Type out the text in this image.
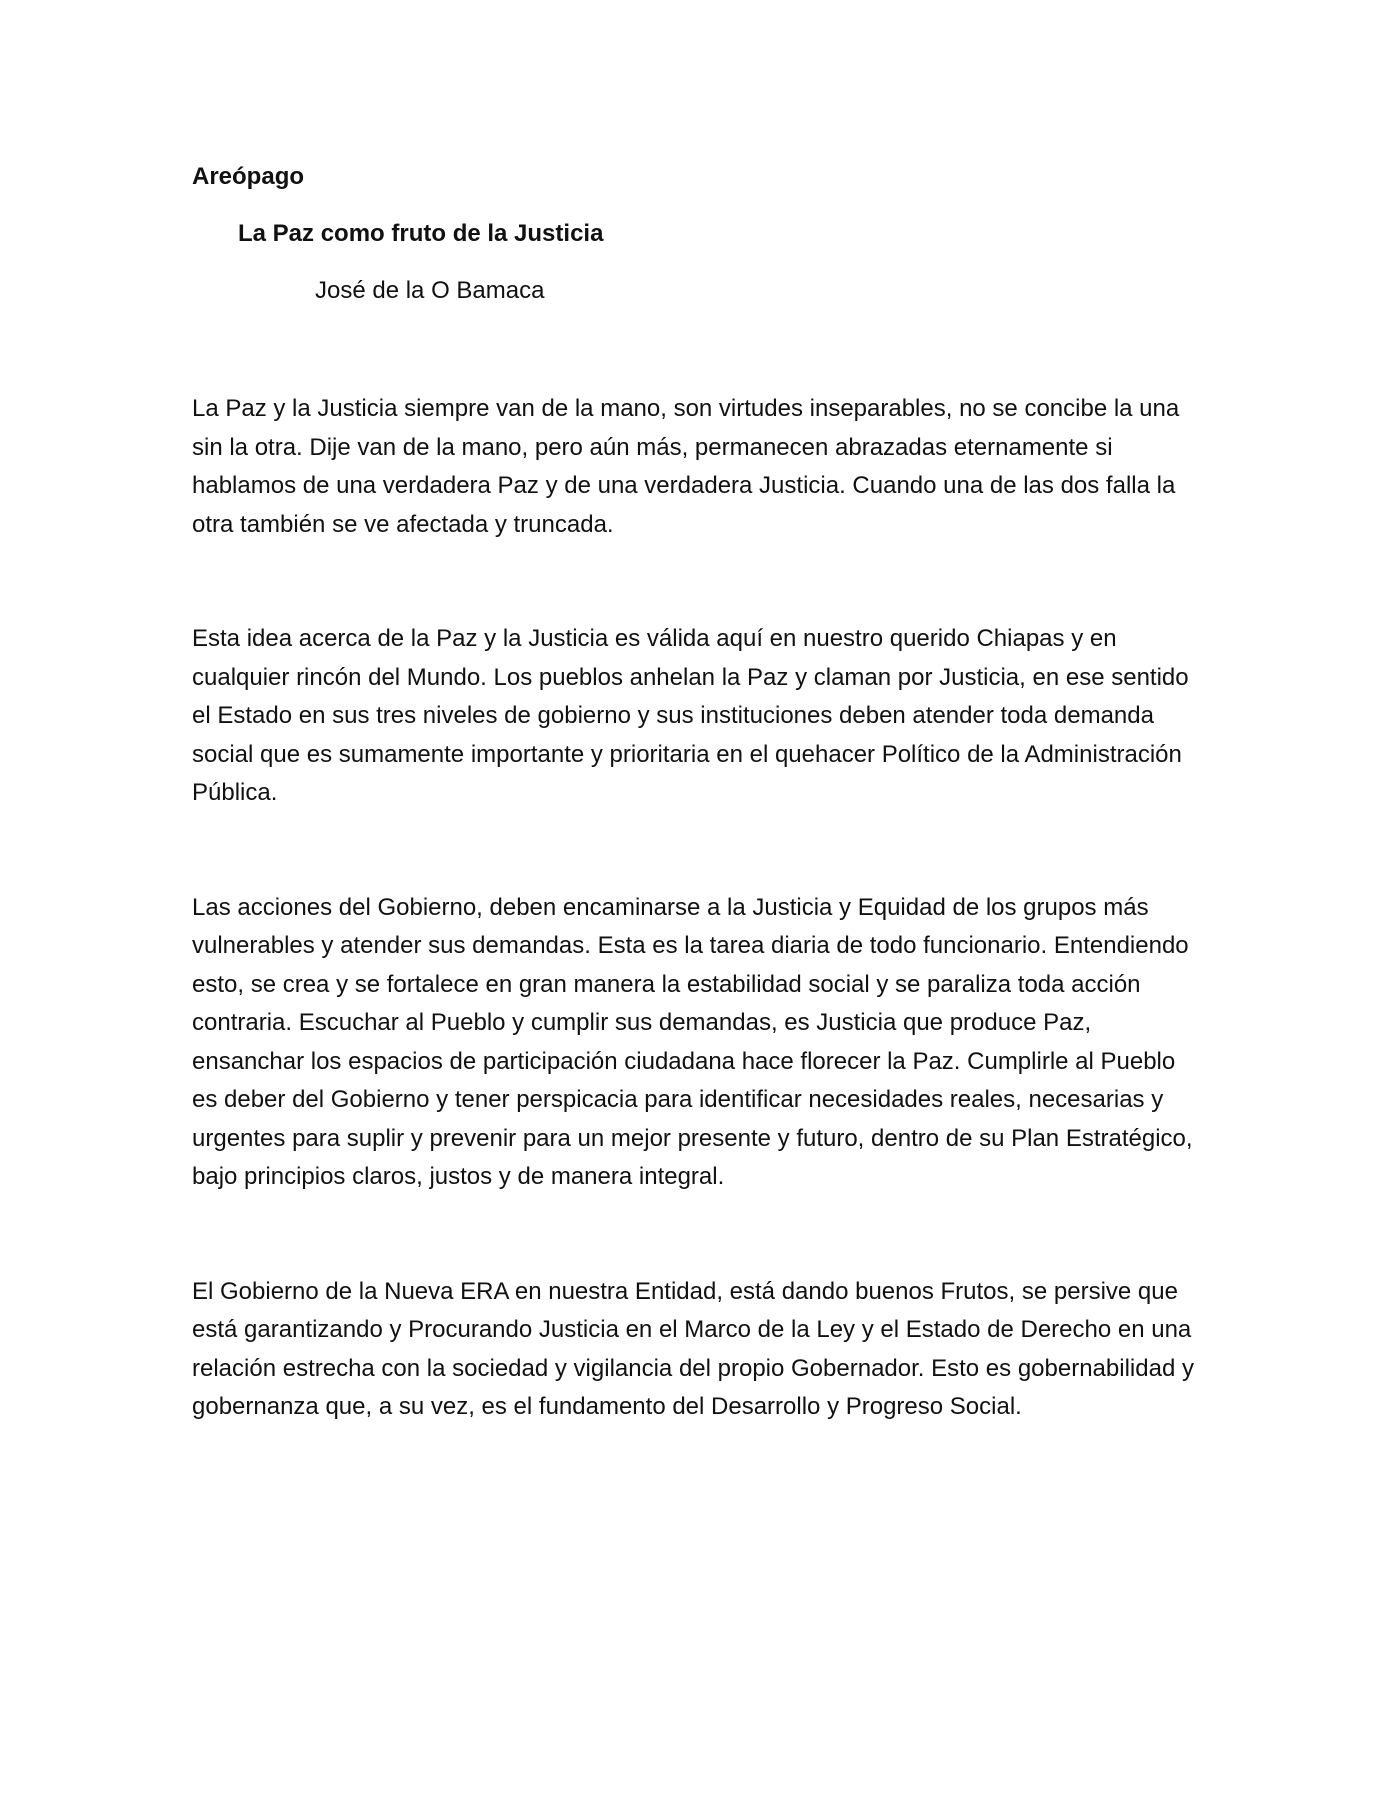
Areópago
La Paz como fruto de la Justicia
José de la O Bamaca

La Paz y la Justicia siempre van de la mano, son virtudes inseparables, no se concibe la una sin la otra. Dije van de la mano, pero aún más, permanecen abrazadas eternamente si hablamos de una verdadera Paz y de una verdadera Justicia. Cuando una de las dos falla la otra también se ve afectada y truncada.

Esta idea acerca de la Paz y la Justicia es válida aquí en nuestro querido Chiapas y en cualquier rincón del Mundo. Los pueblos anhelan la Paz y claman por Justicia, en ese sentido el Estado en sus tres niveles de gobierno y sus instituciones deben atender toda demanda social que es sumamente importante y prioritaria en el quehacer Político de la Administración Pública.

Las acciones del Gobierno, deben encaminarse a la Justicia y Equidad de los grupos más vulnerables y atender sus demandas. Esta es la tarea diaria de todo funcionario. Entendiendo esto, se crea y se fortalece en gran manera la estabilidad social y se paraliza toda acción contraria. Escuchar al Pueblo y cumplir sus demandas, es Justicia que produce Paz, ensanchar los espacios de participación ciudadana hace florecer la Paz. Cumplirle al Pueblo es deber del Gobierno y tener perspicacia para identificar necesidades reales, necesarias y urgentes para suplir y prevenir para un mejor presente y futuro, dentro de su Plan Estratégico, bajo principios claros, justos y de manera integral.

El Gobierno de la Nueva ERA en nuestra Entidad, está dando buenos Frutos, se persive que está garantizando y Procurando Justicia en el Marco de la Ley y el Estado de Derecho en una relación estrecha con la sociedad y vigilancia del propio Gobernador. Esto es gobernabilidad y gobernanza que, a su vez, es el fundamento del Desarrollo y Progreso Social.
